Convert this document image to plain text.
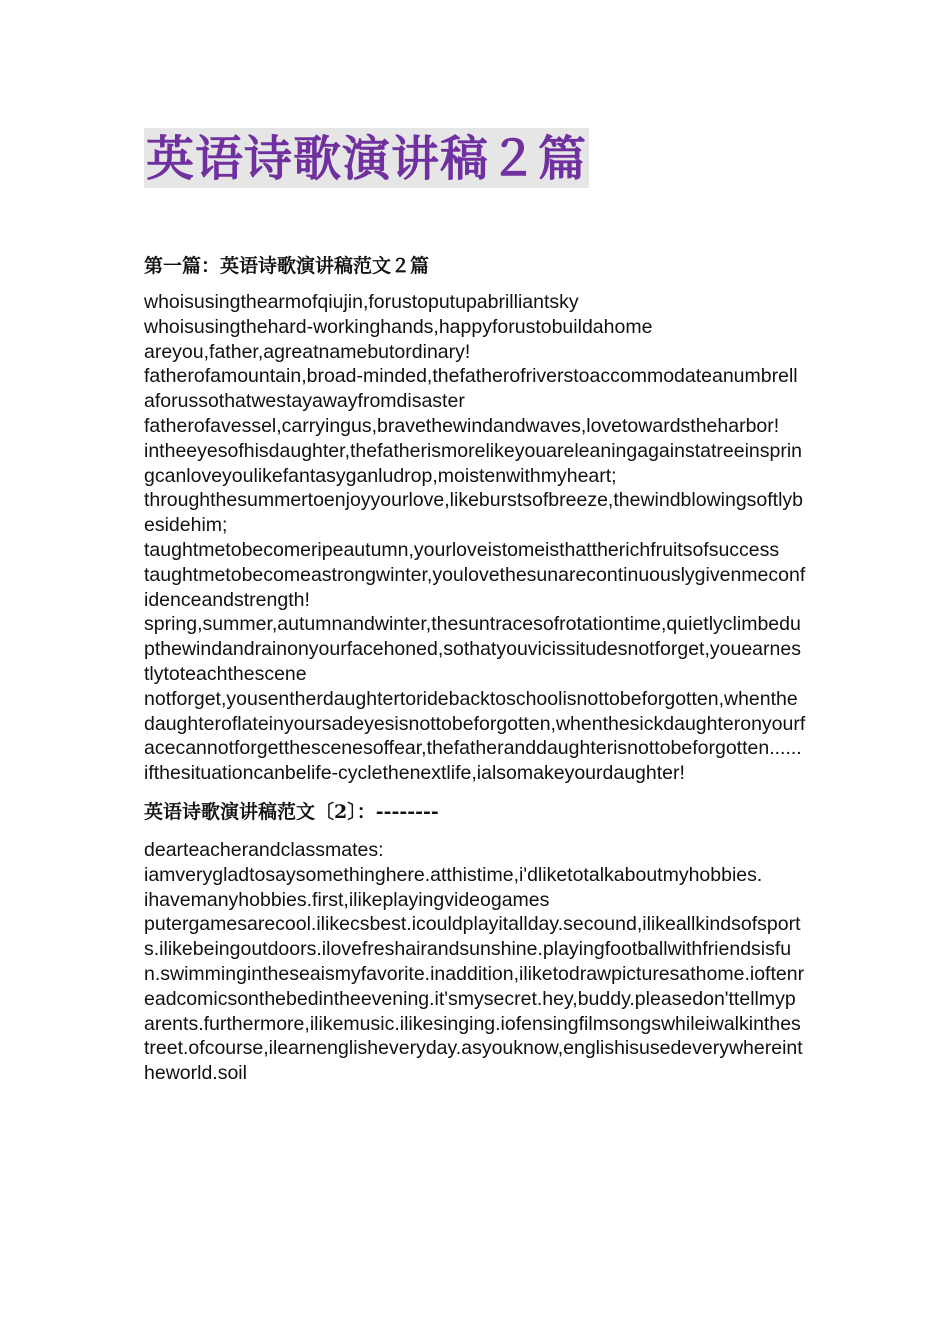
英语诗歌演讲稿２篇
第一篇：英语诗歌演讲稿范文２篇
whoisusingthearmofqiujin,forustoputupabrilliantsky
whoisusingthehard-workinghands,happyforustobuildahome
areyou,father,agreatnamebutordinary!
fatherofamountain,broad-minded,thefatherofriverstoaccommodateanumbrellaforussothatwestayawayfromdisaster
fatherofavessel,carryingus,bravethewindandwaves,lovetowardstheharbor!
intheeyesofhisdaughter,thefatherismorelikeyouareleaningagainstatreeinspringcanloveyoulikefantasyganludrop,moistenwithmyheart;
throughthesummertoenjoyyourlove,likeburstsofbreeze,thewindblowingsoftlybesidehim;
taughtmetobecomeripeautumn,yourloveistomeisthattherichfruitsofsuccess
taughtmetobecomeastrongwinter,youlovethesunarecontinuouslygivenmeconfidenceandstrength!
spring,summer,autumnandwinter,thesuntracesofrotationtime,quietlyclimbedupthewindandrainonyourfacehoned,sothatyouvicissitudesnotforget,youearnestlytoteachthescene
notforget,yousentherdaughtertoridebacktoschoolisnottobeforgotten,whenthedaughteroflateinyoursadeyesisnottobeforgotten,whenthesickdaughteronyourfacecannotforgetthescenesoffear,thefatheranddaughterisnottobeforgotten......ifthesituationcanbelife-cyclethenextlife,ialsomakeyourdaughter!
英语诗歌演讲稿范文〔2〕：--------
dearteacherandclassmates:
iamverygladtosaysomethinghere.atthistime,i'dliketotalkaboutmyhobbies.
ihavemanyhobbies.first,ilikeplayingvideogames
putergamesarecool.ilikecsbest.icouldplayitallday.secound,ilikeallkindsofsports.ilikebeingoutdoors.ilovefreshairandsunshine.playingfootballwithfriendsisfun.swimmingintheseaismyfavorite.inaddition,iliketodrawpicturesathome.ioftenreadcomicsonthebedintheevening.it'smysecret.hey,buddy.pleasedon'ttellmyparents.furthermore,ilikemusic.ilikesinging.iofensingfilmsongswhileiwalkinthestreet.ofcourse,ilearnenglisheveryday.asyouknow,englishisusedeverywhereintheworld.soil
